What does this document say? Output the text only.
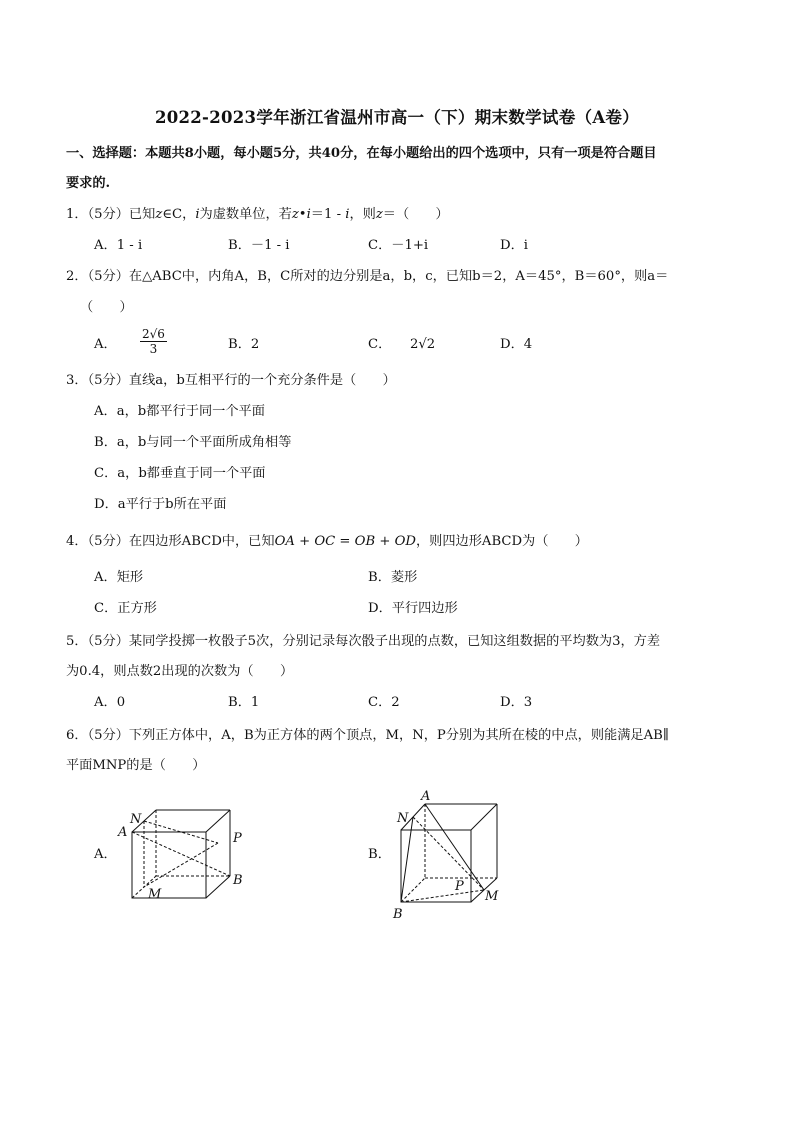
2022-2023学年浙江省温州市高一（下）期末数学试卷（A卷）
一、选择题：本题共8小题，每小题5分，共40分，在每小题给出的四个选项中，只有一项是符合题目
要求的.
1．（5分）已知z∈C，i为虚数单位，若z•i＝1 - i，则z＝（　　）
A．1 - i	B．－1 - i	C．－1+i	D．i
2．（5分）在△ABC中，内角A，B，C所对的边分别是a，b，c，已知b＝2，A＝45°，B＝60°，则a＝
（　　）
A． $\frac{2√6}{3}$	B．2	C． 2√2	D．4
3．（5分）直线a，b互相平行的一个充分条件是（　　）
A．a，b都平行于同一个平面
B．a，b与同一个平面所成角相等
C．a，b都垂直于同一个平面
D．a平行于b所在平面
4．（5分）在四边形ABCD中，已知OA + OC = OB + OD，则四边形ABCD为（　　）
A．矩形	B．菱形
C．正方形	D．平行四边形
5．（5分）某同学投掷一枚骰子5次，分别记录每次骰子出现的点数，已知这组数据的平均数为3，方差
为0.4，则点数2出现的次数为（　　）
A．0	B．1	C．2	D．3
6．（5分）下列正方体中，A，B为正方体的两个顶点，M，N，P分别为其所在棱的中点，则能满足AB∥
平面MNP的是（　　）
A．
N
A	P
B
M
B．
A
N
P
M
B
